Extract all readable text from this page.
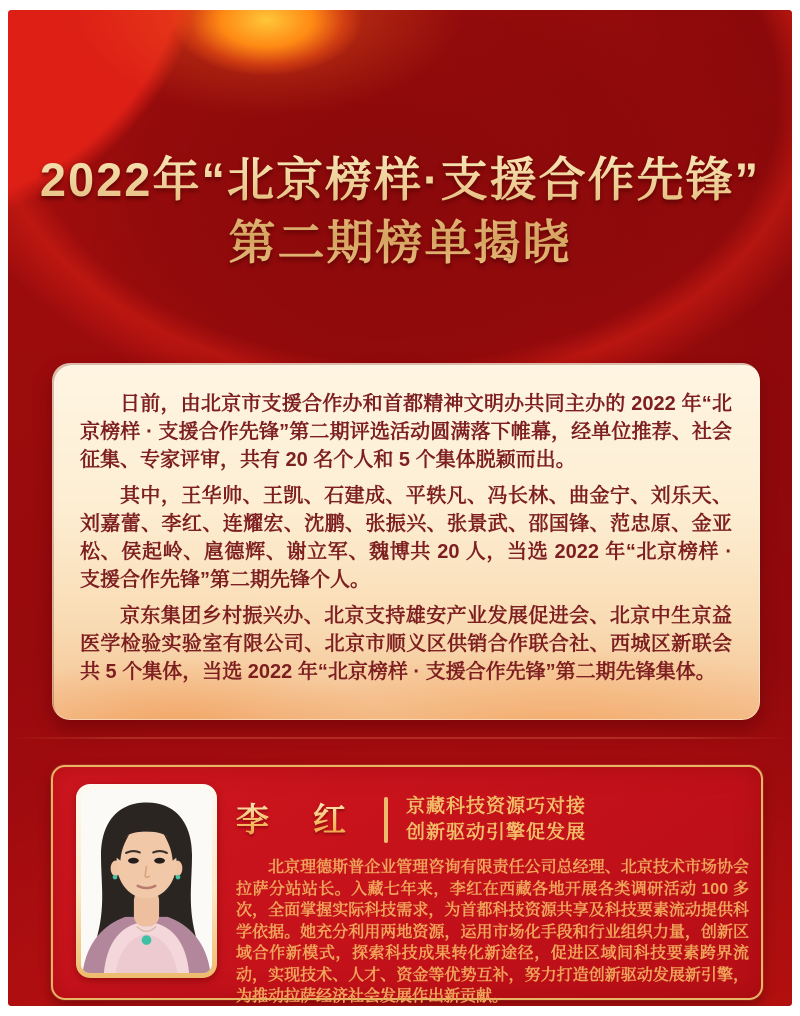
2022年“北京榜样·支援合作先锋”
第二期榜单揭晓

日前，由北京市支援合作办和首都精神文明办共同主办的 2022 年“北京榜样 · 支援合作先锋”第二期评选活动圆满落下帷幕，经单位推荐、社会征集、专家评审，共有 20 名个人和 5 个集体脱颖而出。

其中，王华帅、王凯、石建成、平轶凡、冯长林、曲金宁、刘乐天、刘嘉蕾、李红、连耀宏、沈鹏、张振兴、张景武、邵国锋、范忠原、金亚松、侯起岭、扈德辉、谢立军、魏博共 20 人，当选 2022 年“北京榜样 · 支援合作先锋”第二期先锋个人。

京东集团乡村振兴办、北京支持雄安产业发展促进会、北京中生京益医学检验实验室有限公司、北京市顺义区供销合作联合社、西城区新联会共 5 个集体，当选 2022 年“北京榜样 · 支援合作先锋”第二期先锋集体。

李 红	京藏科技资源巧对接
创新驱动引擎促发展

北京理德斯普企业管理咨询有限责任公司总经理、北京技术市场协会拉萨分站站长。入藏七年来，李红在西藏各地开展各类调研活动 100 多次，全面掌握实际科技需求，为首都科技资源共享及科技要素流动提供科学依据。她充分利用两地资源，运用市场化手段和行业组织力量，创新区域合作新模式，探索科技成果转化新途径，促进区域间科技要素跨界流动，实现技术、人才、资金等优势互补，努力打造创新驱动发展新引擎，为推动拉萨经济社会发展作出新贡献。
